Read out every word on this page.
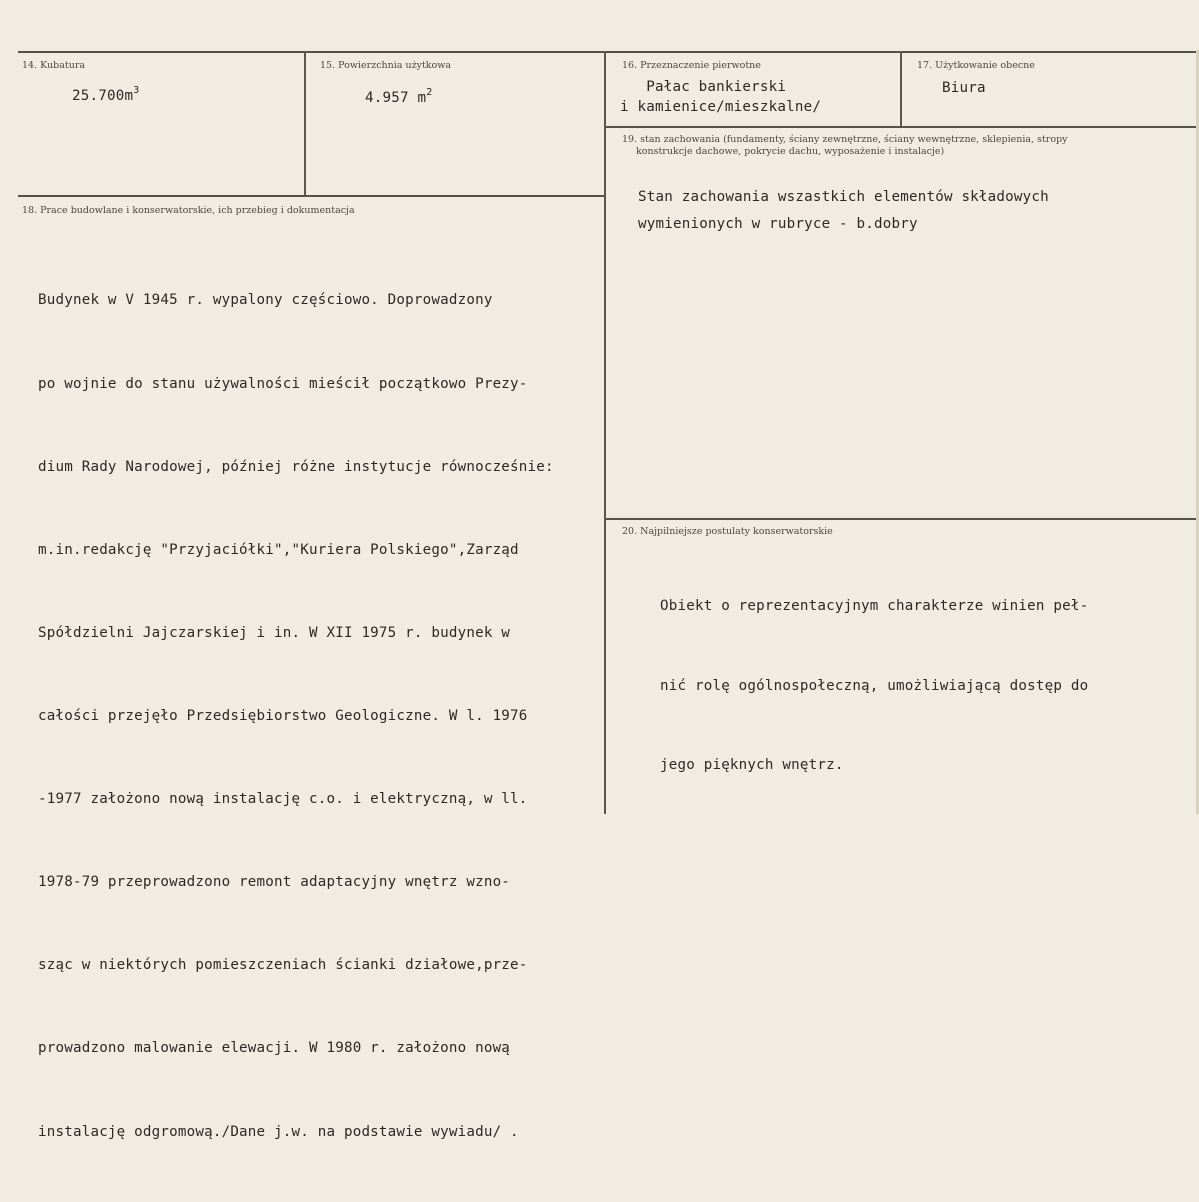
14. Kubatura
$25.700m^3$
15. Powierzchnia użytkowa
4.957 $m^2$
16. Przeznaczenie pierwotne
Pałac bankierski
i kamienice/mieszkalne/
17. Użytkowanie obecne
Biura
19. stan zachowania (fundamenty, ściany zewnętrzne, ściany wewnętrzne, sklepienia, stropy
konstrukcje dachowe, pokrycie dachu, wyposażenie i instalacje)
Stan zachowania wszastkich elementów składowych
wymienionych w rubryce - b.dobry
18. Prace budowlane i konserwatorskie, ich przebieg i dokumentacja

Budynek w V 1945 r. wypalony częściowo. Doprowadzony

po wojnie do stanu używalności mieścił początkowo Prezy-

dium Rady Narodowej, później różne instytucje równocześnie:

m.in.redakcję "Przyjaciółki","Kuriera Polskiego",Zarząd

Spółdzielni Jajczarskiej i in. W XII 1975 r. budynek w

całości przejęło Przedsiębiorstwo Geologiczne. W l. 1976

-1977 założono nową instalację c.o. i elektryczną, w ll.

1978-79 przeprowadzono remont adaptacyjny wnętrz wzno-

sząc w niektórych pomieszczeniach ścianki działowe,prze-

prowadzono malowanie elewacji. W 1980 r. założono nową

instalację odgromową./Dane j.w. na podstawie wywiadu/ .

20. Najpilniejsze postulaty konserwatorskie

Obiekt o reprezentacyjnym charakterze winien peł-

nić rolę ogólnospołeczną, umożliwiającą dostęp do

jego pięknych wnętrz.
